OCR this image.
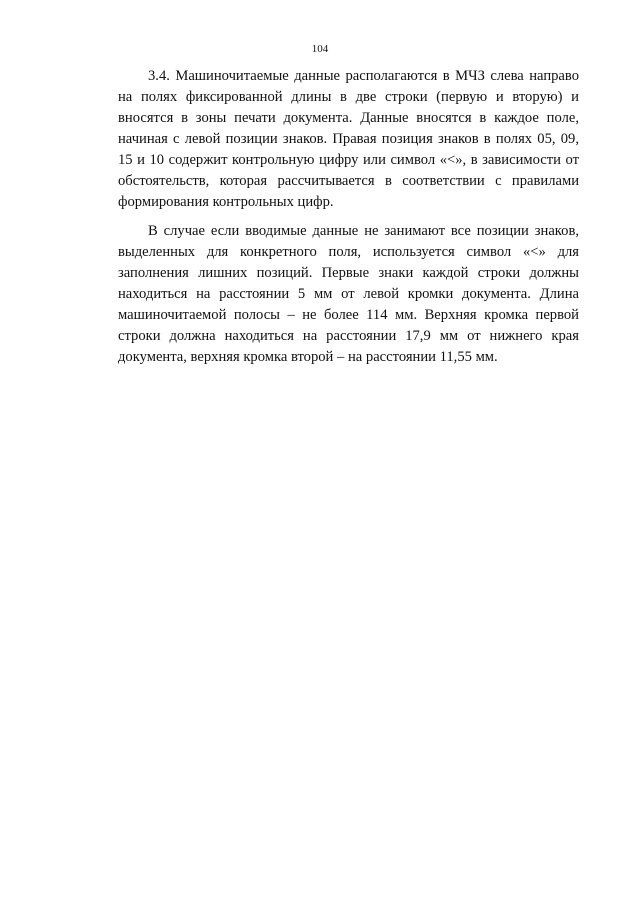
104

3.4. Машиночитаемые данные располагаются в МЧЗ слева направо на полях фиксированной длины в две строки (первую и вторую) и вносятся в зоны печати документа. Данные вносятся в каждое поле, начиная с левой позиции знаков. Правая позиция знаков в полях 05, 09, 15 и 10 содержит контрольную цифру или символ «<», в зависимости от обстоятельств, которая рассчитывается в соответствии с правилами формирования контрольных цифр.

В случае если вводимые данные не занимают все позиции знаков, выделенных для конкретного поля, используется символ «<» для заполнения лишних позиций. Первые знаки каждой строки должны находиться на расстоянии 5 мм от левой кромки документа. Длина машиночитаемой полосы – не более 114 мм. Верхняя кромка первой строки должна находиться на расстоянии 17,9 мм от нижнего края документа, верхняя кромка второй – на расстоянии 11,55 мм.
